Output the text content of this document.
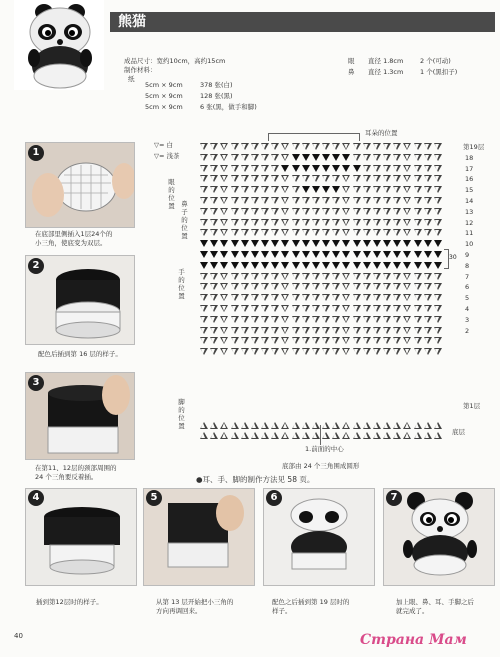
熊猫
成品尺寸：宽约10cm，高约15cm
制作材料：
纸
5cm × 9cm	378 张(白)
5cm × 9cm	128 张(黑)
5cm × 9cm	6 张(黑，做手和脚)
眼 直径 1.8cm	2 个(可动)
鼻 直径 1.3cm	1 个(黑扣子)
1
在底部里侧插入1层24个的
小三角，使底变为双层。
2
配色后插到第 16 层的样子。
3
在第11、12层的颈部周围的
24 个三角要反着插。
▽= 白
▽= 浅茶
耳朵的位置
眼的位置 鼻子的位置
手的位置
脚的位置
第19层
18
17
16
15
14
13
12
11
10
9
8
7
6
5
4
3
2
第1层
底层
30
1.前面的中心
底部由 24 个三角围成圆形
●耳、手、脚的制作方法见 58 页。
4
插到第12层时的样子。
5
从第 13 层开始把小三角的
方向再调回来。
6
配色之后插到第 19 层时的
样子。
7
加上眼、鼻、耳、手脚之后
就完成了。
40	Страна Мам
